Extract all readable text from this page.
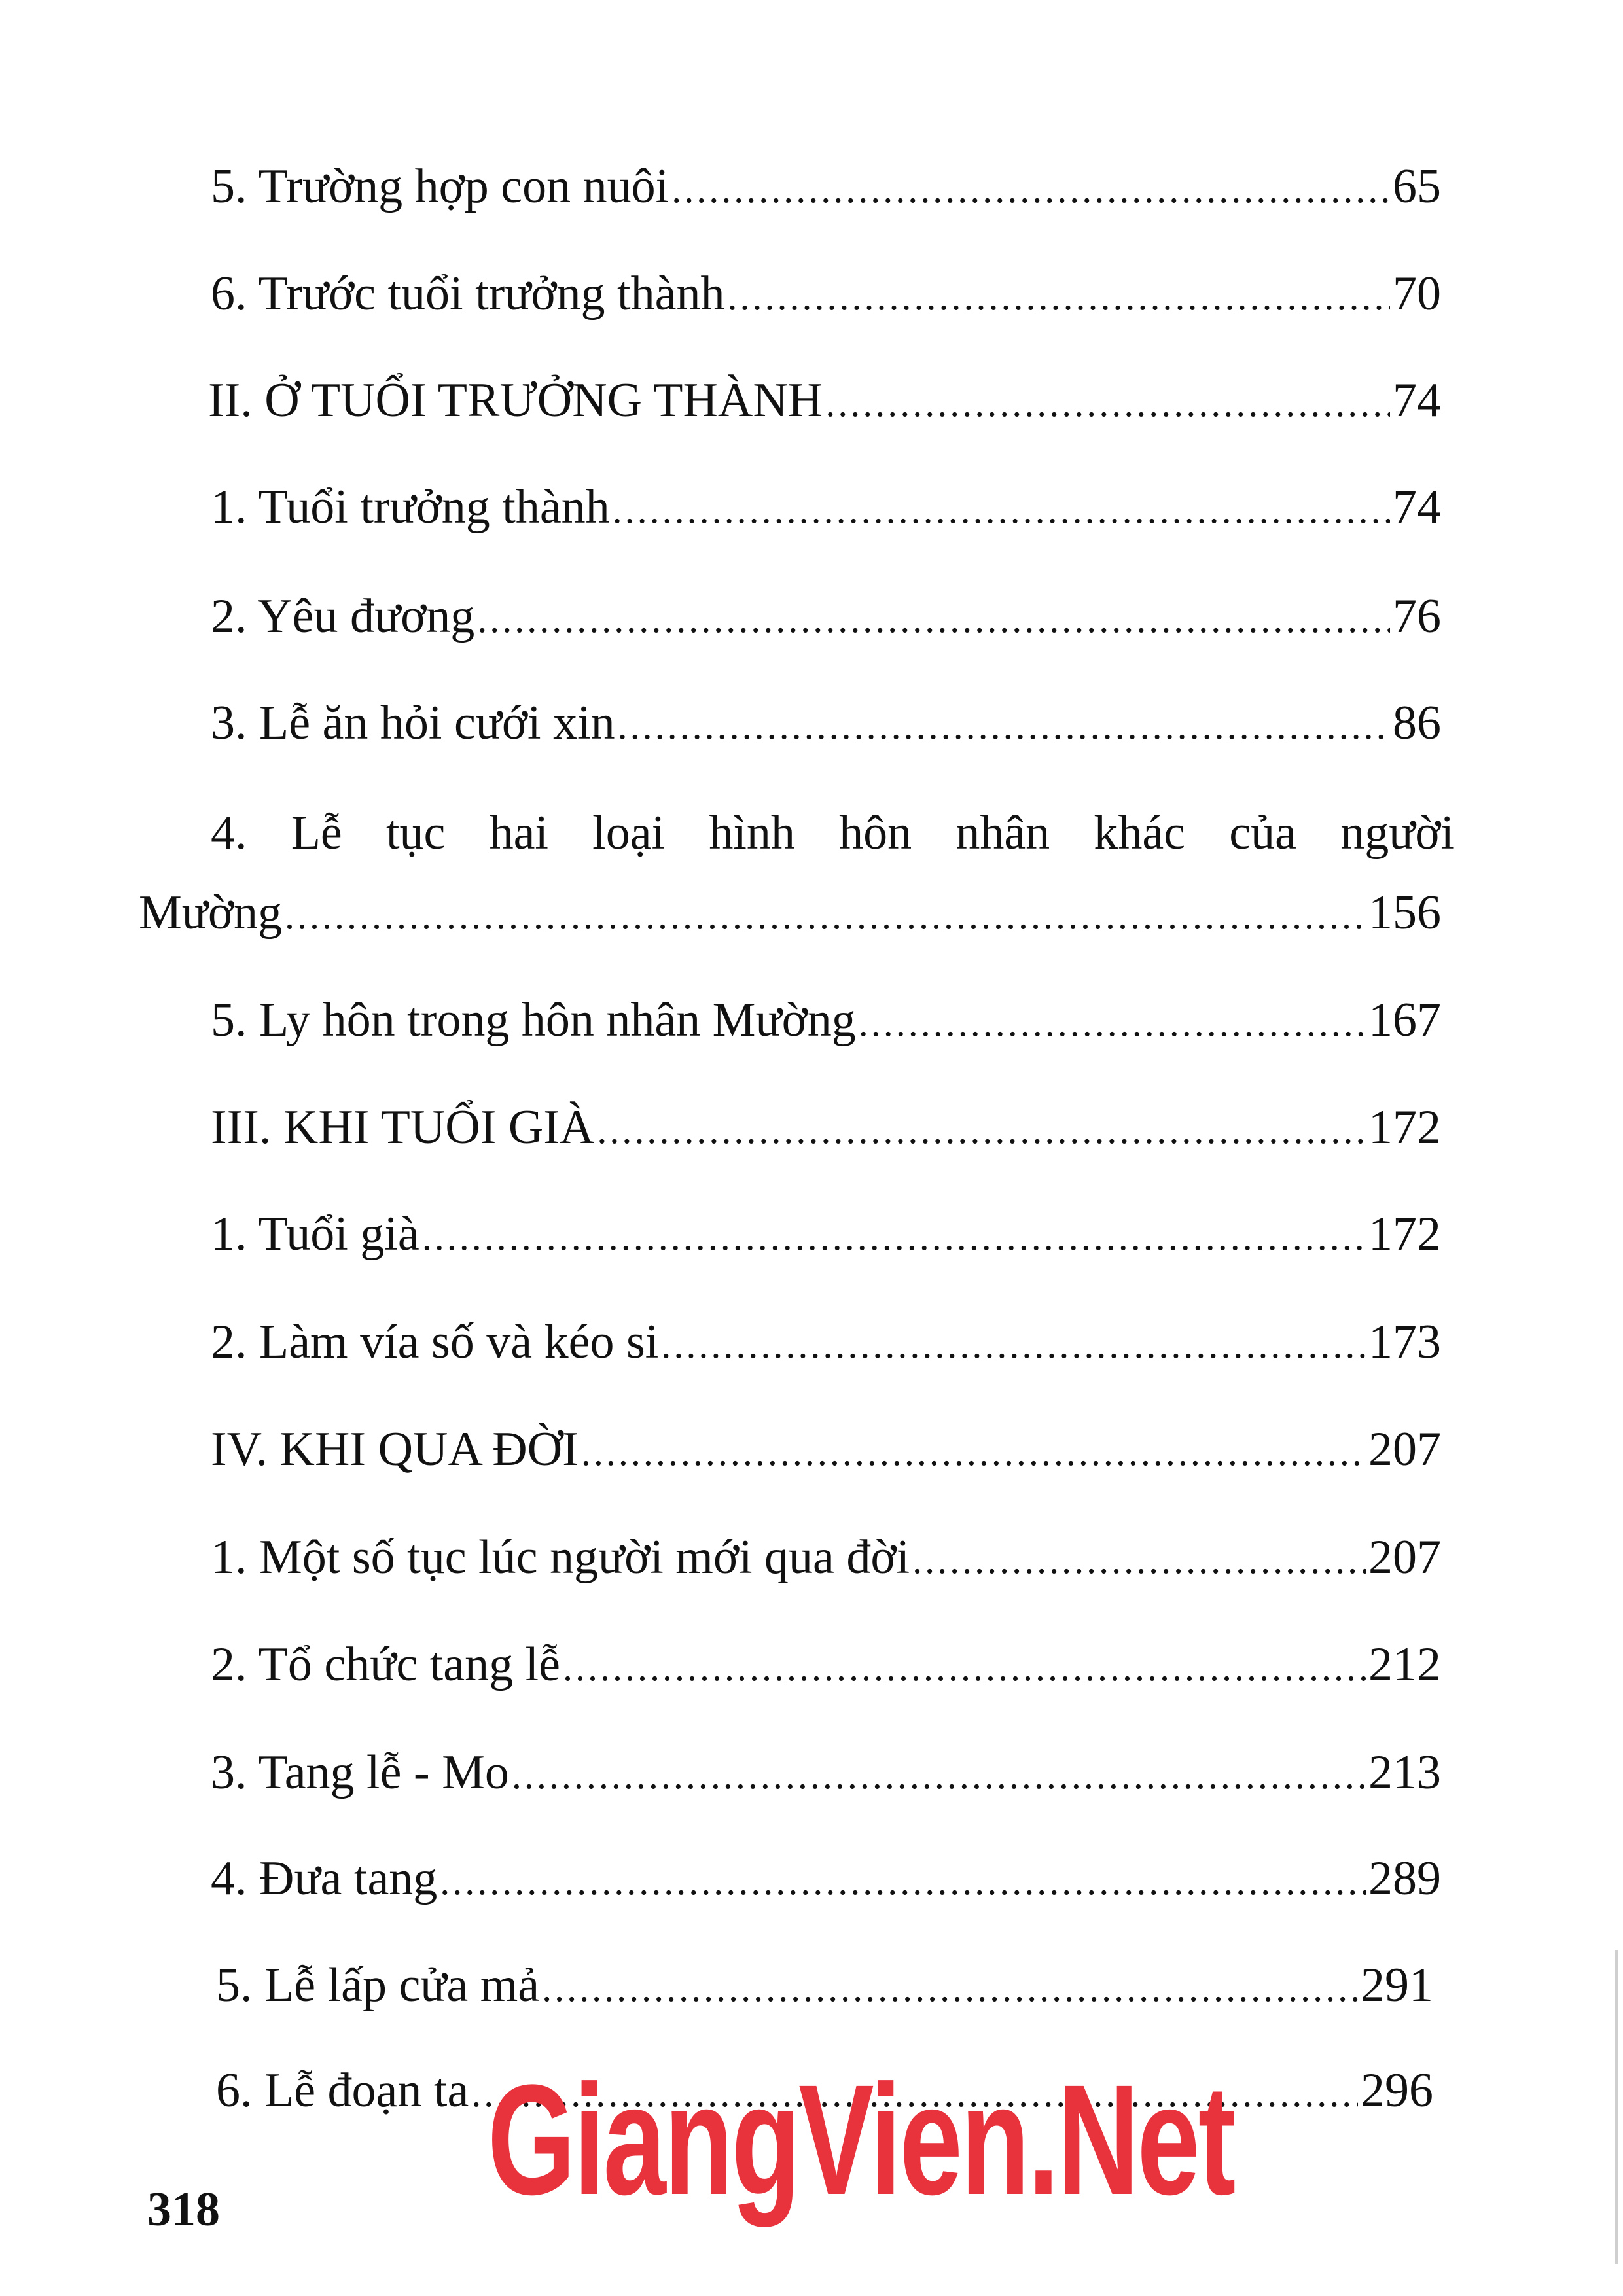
5. Trường hợp con nuôi .....	65
6. Trước tuổi trưởng thành .....	70
II. Ở TUỔI TRƯỞNG THÀNH .....	74
1. Tuổi trưởng thành .....	74
2. Yêu đương .....	76
3. Lễ ăn hỏi cưới xin .....	86
4. Lễ tục hai loại hình hôn nhân khác của người
Mường .....	156
5. Ly hôn trong hôn nhân Mường .....	167
III. KHI TUỔI GIÀ .....	172
1. Tuổi già .....	172
2. Làm vía số và kéo si .....	173
IV. KHI QUA ĐỜI .....	207
1. Một số tục lúc người mới qua đời .....	207
2. Tổ chức tang lễ .....	212
3. Tang lễ - Mo .....	213
4. Đưa tang .....	289
5. Lễ lấp cửa mả .....	291
6. Lễ đoạn ta .....	296
318 GiangVien.Net
